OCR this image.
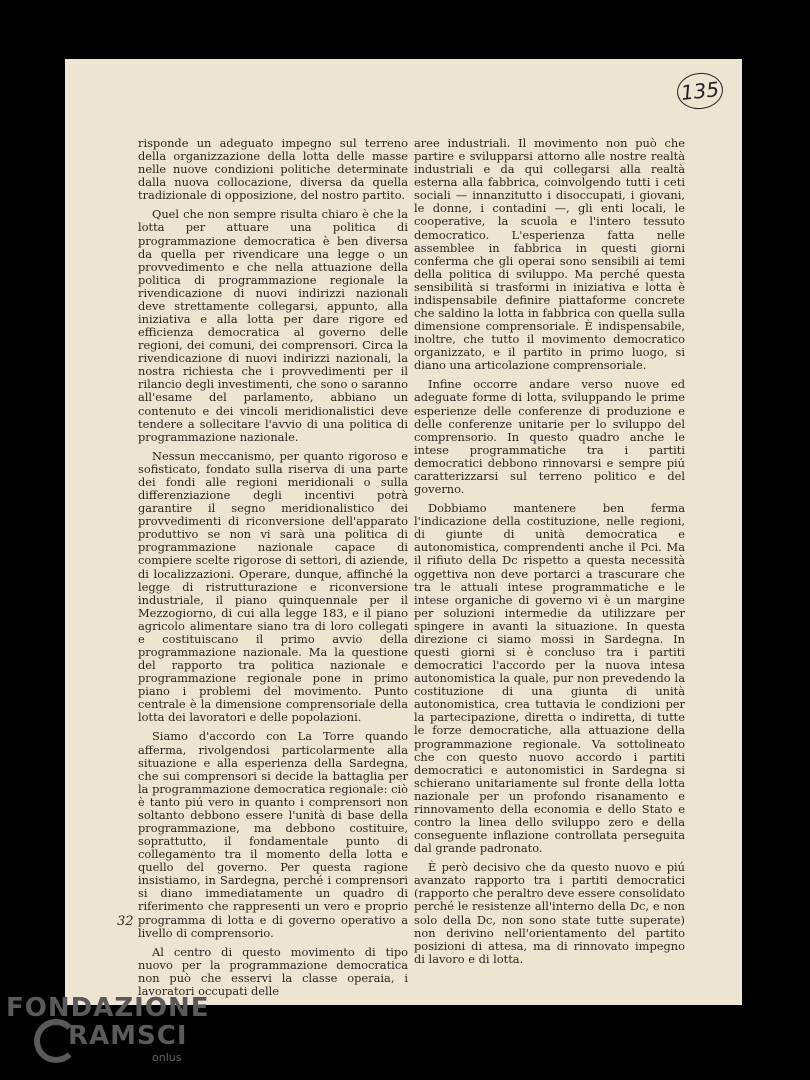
135

risponde un adeguato impegno sul terreno della organizzazione della lotta delle masse nelle nuove condizioni politiche determinate dalla nuova collocazione, diversa da quella tradizionale di opposizione, del nostro partito.

Quel che non sempre risulta chiaro è che la lotta per attuare una politica di programmazione democratica è ben diversa da quella per rivendicare una legge o un provvedimento e che nella attuazione della politica di programmazione regionale la rivendicazione di nuovi indirizzi nazionali deve strettamente collegarsi, appunto, alla iniziativa e alla lotta per dare rigore ed efficienza democratica al governo delle regioni, dei comuni, dei comprensori. Circa la rivendicazione di nuovi indirizzi nazionali, la nostra richiesta che i provvedimenti per il rilancio degli investimenti, che sono o saranno all'esame del parlamento, abbiano un contenuto e dei vincoli meridionalistici deve tendere a sollecitare l'avvio di una politica di programmazione nazionale.

Nessun meccanismo, per quanto rigoroso e sofisticato, fondato sulla riserva di una parte dei fondi alle regioni meridionali o sulla differenziazione degli incentivi potrà garantire il segno meridionalistico dei provvedimenti di riconversione dell'apparato produttivo se non vi sarà una politica di programmazione nazionale capace di compiere scelte rigorose di settori, di aziende, di localizzazioni. Operare, dunque, affinché la legge di ristrutturazione e riconversione industriale, il piano quinquennale per il Mezzogiorno, di cui alla legge 183, e il piano agricolo alimentare siano tra di loro collegati e costituiscano il primo avvio della programmazione nazionale. Ma la questione del rapporto tra politica nazionale e programmazione regionale pone in primo piano i problemi del movimento. Punto centrale è la dimensione comprensoriale della lotta dei lavoratori e delle popolazioni.

Siamo d'accordo con La Torre quando afferma, rivolgendosi particolarmente alla situazione e alla esperienza della Sardegna, che sui comprensori si decide la battaglia per la programmazione democratica regionale: ciò è tanto piú vero in quanto i comprensori non soltanto debbono essere l'unità di base della programmazione, ma debbono costituire, soprattutto, il fondamentale punto di collegamento tra il momento della lotta e quello del governo. Per questa ragione insistiamo, in Sardegna, perché i comprensori si diano immediatamente un quadro di riferimento che rappresenti un vero e proprio programma di lotta e di governo operativo a livello di comprensorio.

Al centro di questo movimento di tipo nuovo per la programmazione democratica non può che esservi la classe operaia, i lavoratori occupati delle

aree industriali. Il movimento non può che partire e svilupparsi attorno alle nostre realtà industriali e da qui collegarsi alla realtà esterna alla fabbrica, coinvolgendo tutti i ceti sociali — innanzitutto i disoccupati, i giovani, le donne, i contadini —, gli enti locali, le cooperative, la scuola e l'intero tessuto democratico. L'esperienza fatta nelle assemblee in fabbrica in questi giorni conferma che gli operai sono sensibili ai temi della politica di sviluppo. Ma perché questa sensibilità si trasformi in iniziativa e lotta è indispensabile definire piattaforme concrete che saldino la lotta in fabbrica con quella sulla dimensione comprensoriale. È indispensabile, inoltre, che tutto il movimento democratico organizzato, e il partito in primo luogo, si diano una articolazione comprensoriale.

Infine occorre andare verso nuove ed adeguate forme di lotta, sviluppando le prime esperienze delle conferenze di produzione e delle conferenze unitarie per lo sviluppo del comprensorio. In questo quadro anche le intese programmatiche tra i partiti democratici debbono rinnovarsi e sempre piú caratterizzarsi sul terreno politico e del governo.

Dobbiamo mantenere ben ferma l'indicazione della costituzione, nelle regioni, di giunte di unità democratica e autonomistica, comprendenti anche il Pci. Ma il rifiuto della Dc rispetto a questa necessità oggettiva non deve portarci a trascurare che tra le attuali intese programmatiche e le intese organiche di governo vi è un margine per soluzioni intermedie da utilizzare per spingere in avanti la situazione. In questa direzione ci siamo mossi in Sardegna. In questi giorni si è concluso tra i partiti democratici l'accordo per la nuova intesa autonomistica la quale, pur non prevedendo la costituzione di una giunta di unità autonomistica, crea tuttavia le condizioni per la partecipazione, diretta o indiretta, di tutte le forze democratiche, alla attuazione della programmazione regionale. Va sottolineato che con questo nuovo accordo i partiti democratici e autonomistici in Sardegna si schierano unitariamente sul fronte della lotta nazionale per un profondo risanamento e rinnovamento della economia e dello Stato e contro la linea dello sviluppo zero e della conseguente inflazione controllata perseguita dal grande padronato.

È però decisivo che da questo nuovo e piú avanzato rapporto tra i partiti democratici (rapporto che peraltro deve essere consolidato perché le resistenze all'interno della Dc, e non solo della Dc, non sono state tutte superate) non derivino nell'orientamento del partito posizioni di attesa, ma di rinnovato impegno di lavoro e di lotta.

32
FONDAZIONE
RAMSCI
onlus
